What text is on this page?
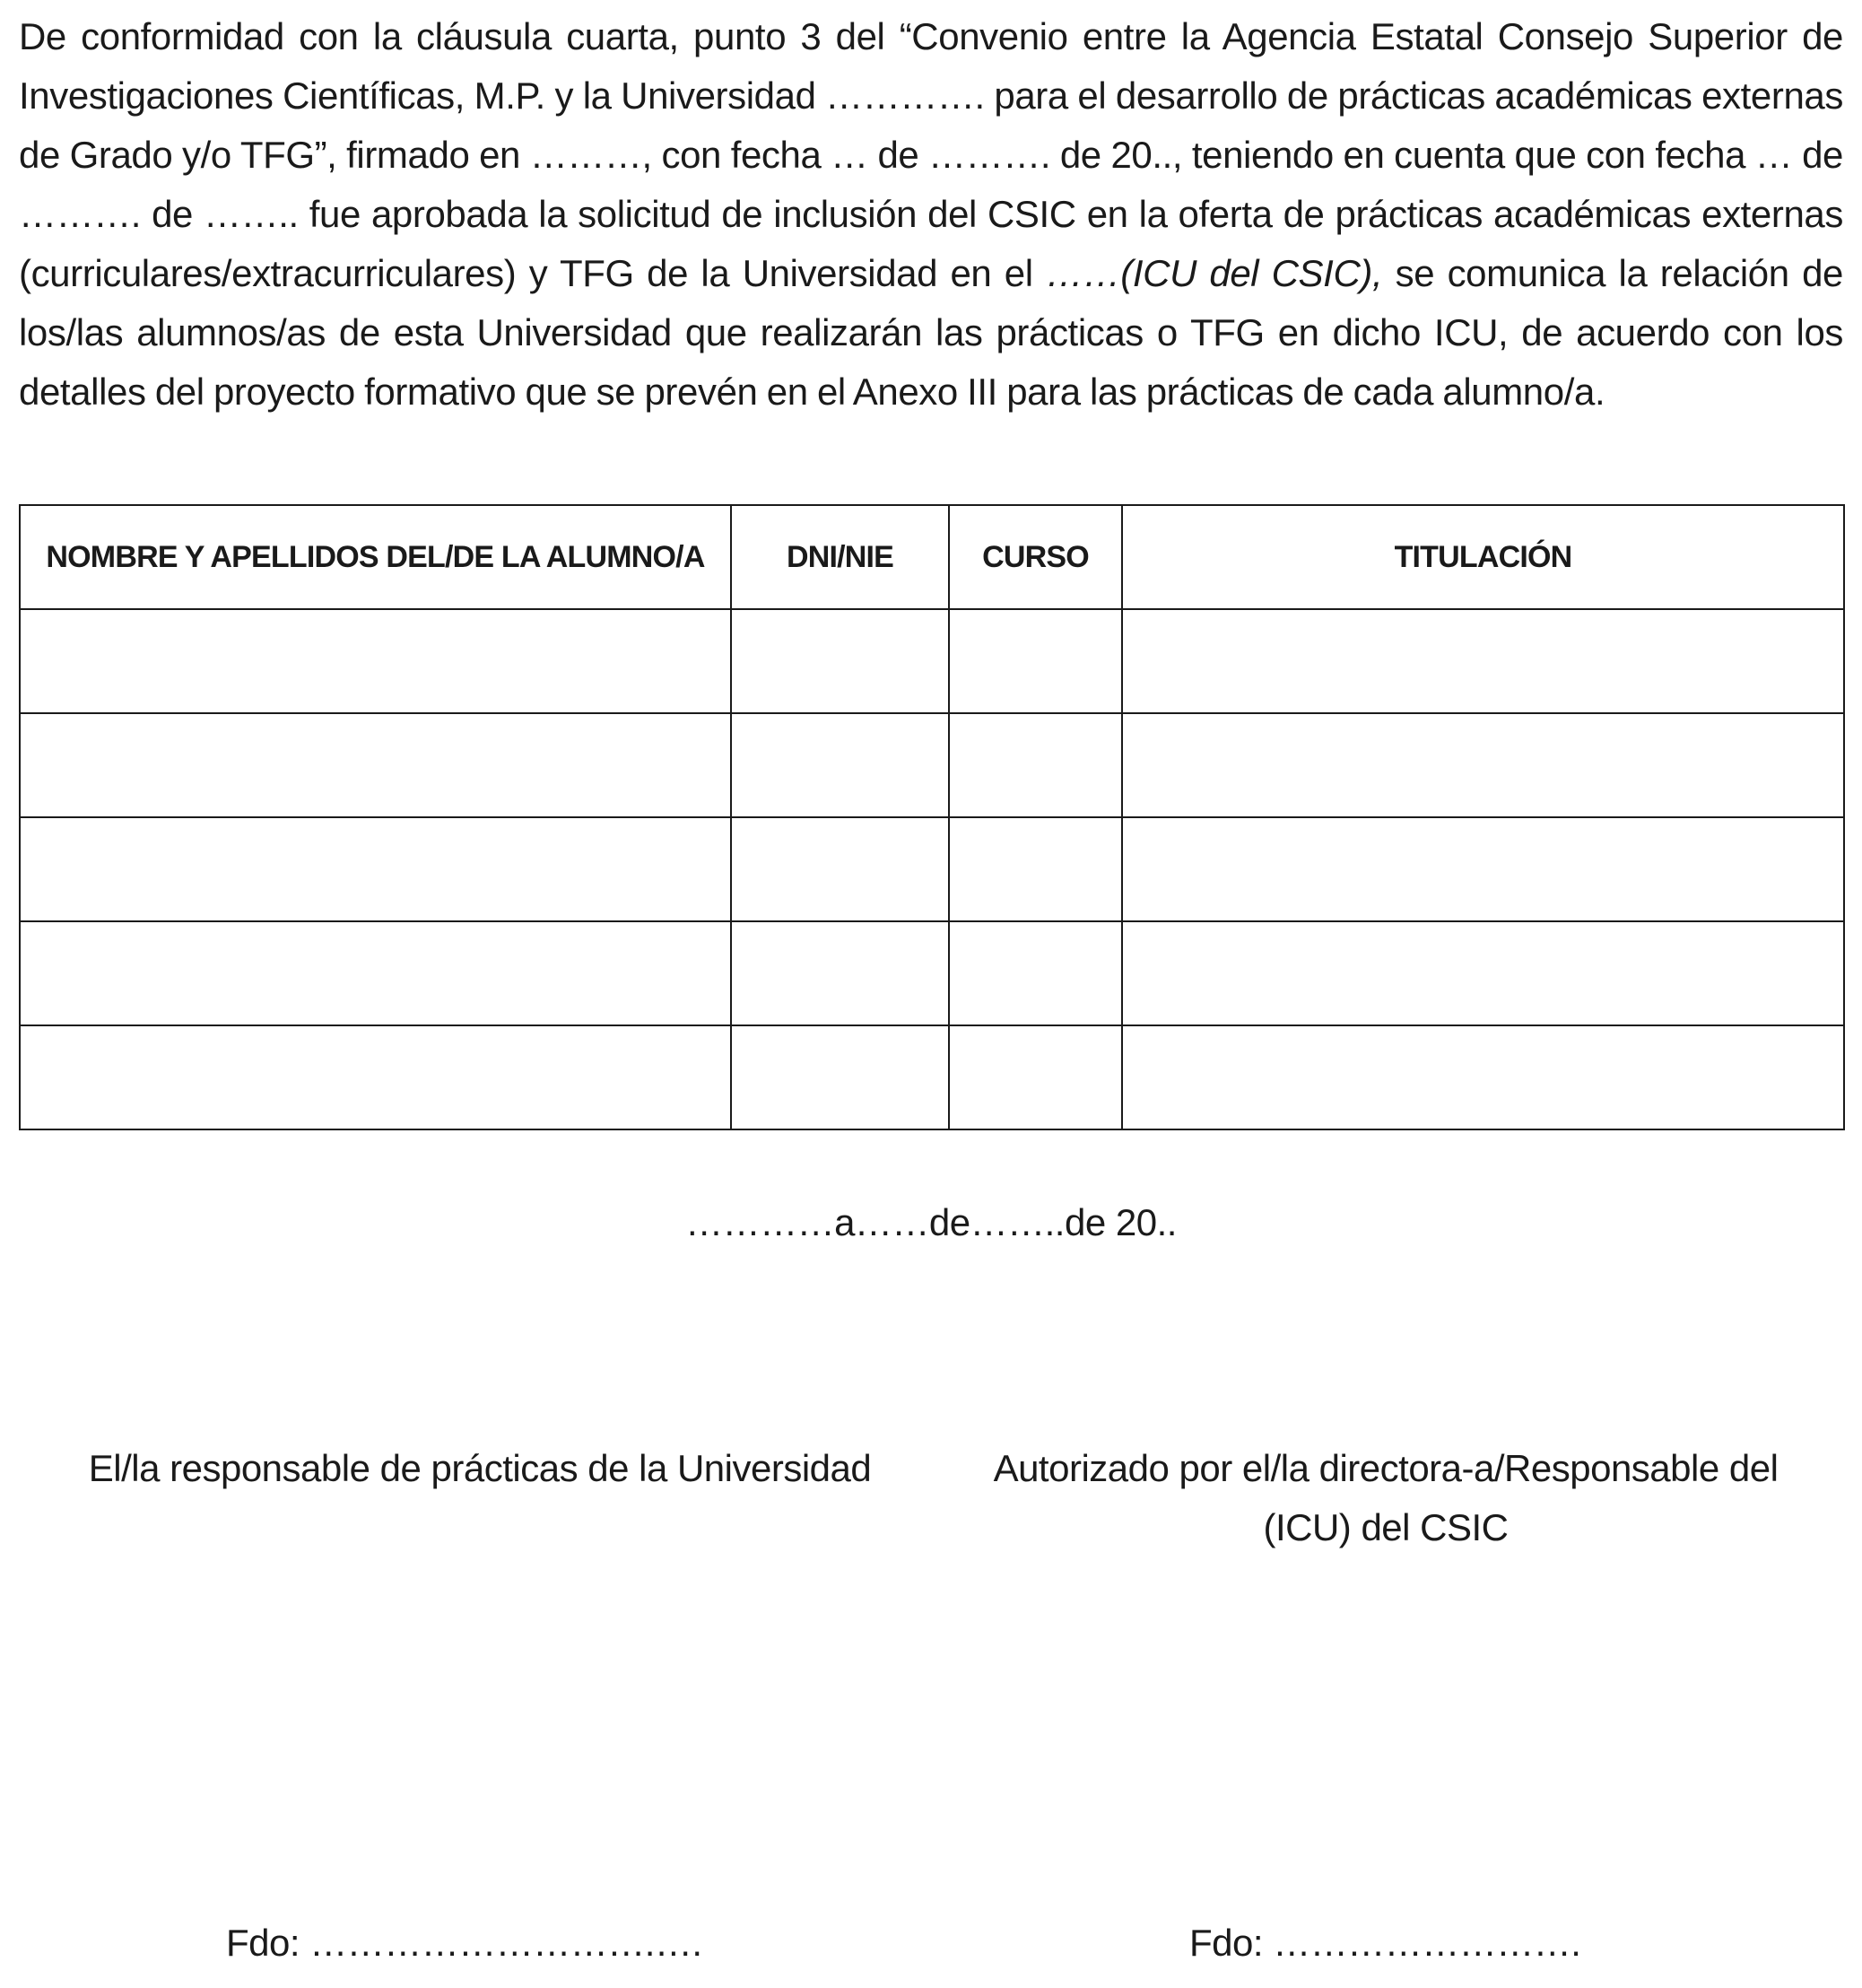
De conformidad con la cláusula cuarta, punto 3 del “Convenio entre la Agencia Estatal Consejo Superior de Investigaciones Científicas, M.P. y la Universidad …………. para el desarrollo de prácticas académicas externas de Grado y/o TFG”, firmado en ………, con fecha … de ………. de 20.., teniendo en cuenta que con fecha … de ………. de …….. fue aprobada la solicitud de inclusión del CSIC en la oferta de prácticas académicas externas (curriculares/extracurriculares) y TFG de la Universidad en el ……(ICU del CSIC), se comunica la relación de los/las alumnos/as de esta Universidad que realizarán las prácticas o TFG en dicho ICU, de acuerdo con los detalles del proyecto formativo que se prevén en el Anexo III para las prácticas de cada alumno/a.

NOMBRE Y APELLIDOS DEL/DE LA ALUMNO/A	DNI/NIE	CURSO	TITULACIÓN

…………a……de……..de 20..
El/la responsable de prácticas de la Universidad	Autorizado por el/la directora-a/Responsable del
(ICU) del CSIC
Fdo: ……………………….….	Fdo: …………………….
